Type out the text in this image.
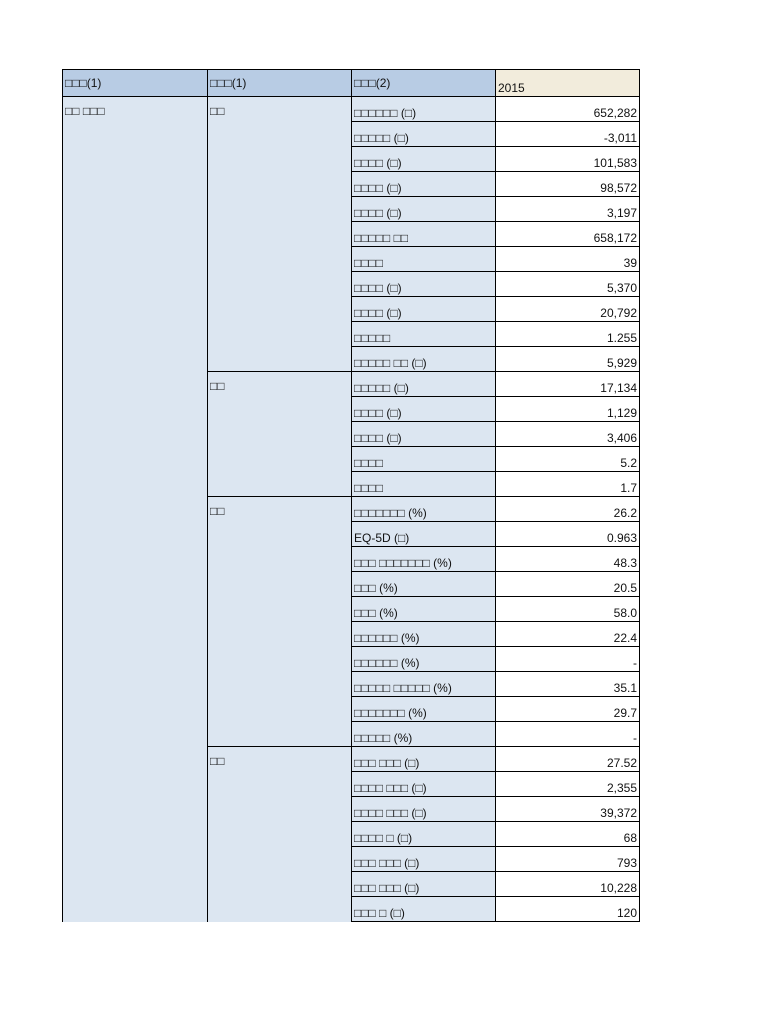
□□□(1)	□□□(1)	□□□(2)	2015
□□ □□□	□□	□□□□□□ (□)	652,282
		□□□□□ (□)	-3,011
		□□□□ (□)	101,583
		□□□□ (□)	98,572
		□□□□ (□)	3,197
		□□□□□ □□	658,172
		□□□□	39
		□□□□ (□)	5,370
		□□□□ (□)	20,792
		□□□□□	1.255
		□□□□□ □□ (□)	5,929
	□□	□□□□□ (□)	17,134
		□□□□ (□)	1,129
		□□□□ (□)	3,406
		□□□□	5.2
		□□□□	1.7
	□□	□□□□□□□ (%)	26.2
		EQ-5D (□)	0.963
		□□□ □□□□□□□ (%)	48.3
		□□□ (%)	20.5
		□□□ (%)	58.0
		□□□□□□ (%)	22.4
		□□□□□□ (%)	-
		□□□□□ □□□□□ (%)	35.1
		□□□□□□□ (%)	29.7
		□□□□□ (%)	-
	□□	□□□ □□□ (□)	27.52
		□□□□ □□□ (□)	2,355
		□□□□ □□□ (□)	39,372
		□□□□ □ (□)	68
		□□□ □□□ (□)	793
		□□□ □□□ (□)	10,228
		□□□ □ (□)	120
